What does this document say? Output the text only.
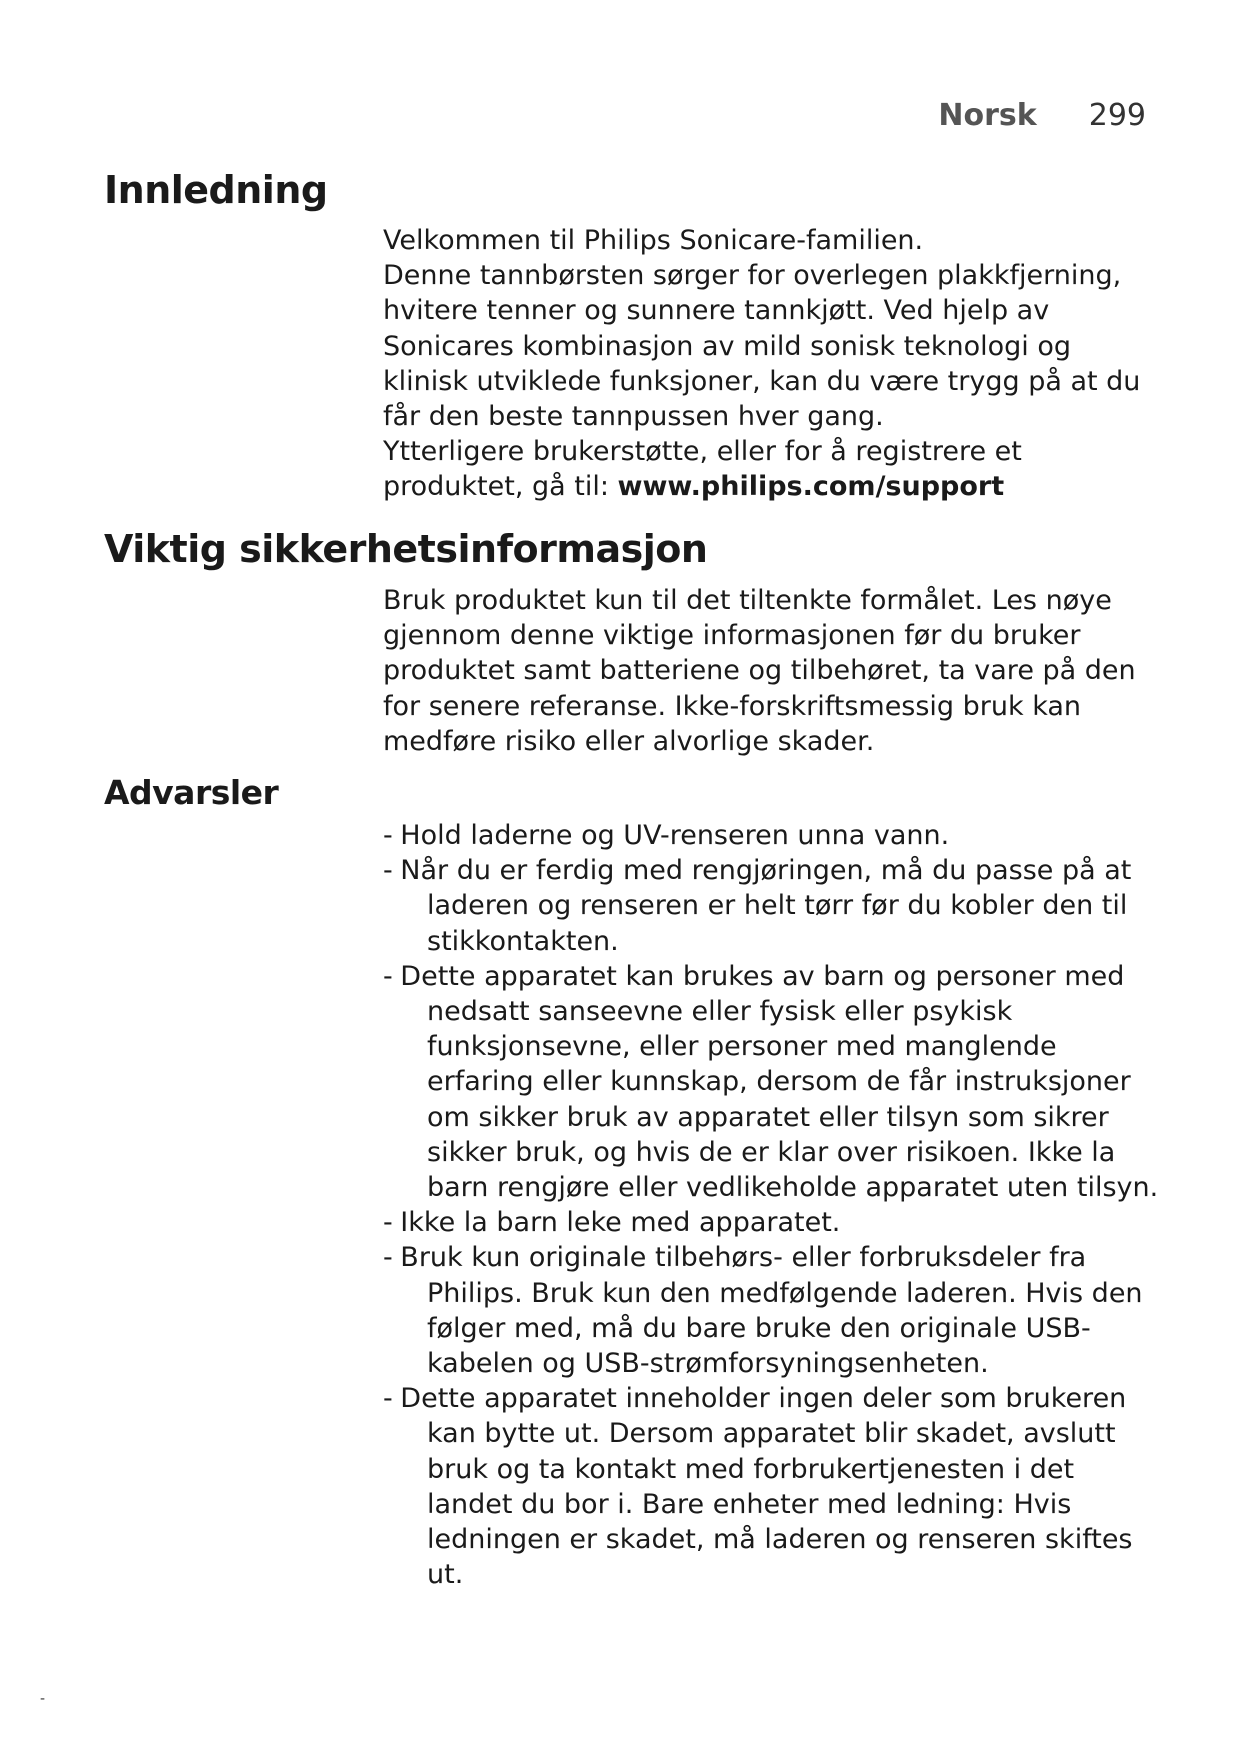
Norsk 299
Innledning

Velkommen til Philips Sonicare-familien.

Denne tannbørsten sørger for overlegen plakkfjerning, hvitere tenner og sunnere tannkjøtt. Ved hjelp av Sonicares kombinasjon av mild sonisk teknologi og klinisk utviklede funksjoner, kan du være trygg på at du får den beste tannpussen hver gang.

Ytterligere brukerstøtte, eller for å registrere et produktet, gå til: www.philips.com/support

Viktig sikkerhetsinformasjon

Bruk produktet kun til det tiltenkte formålet. Les nøye gjennom denne viktige informasjonen før du bruker produktet samt batteriene og tilbehøret, ta vare på den for senere referanse. Ikke-forskriftsmessig bruk kan medføre risiko eller alvorlige skader.

Advarsler
- Hold laderne og UV-renseren unna vann.
- Når du er ferdig med rengjøringen, må du passe på at laderen og renseren er helt tørr før du kobler den til stikkontakten.
- Dette apparatet kan brukes av barn og personer med nedsatt sanseevne eller fysisk eller psykisk funksjonsevne, eller personer med manglende erfaring eller kunnskap, dersom de får instruksjoner om sikker bruk av apparatet eller tilsyn som sikrer sikker bruk, og hvis de er klar over risikoen. Ikke la barn rengjøre eller vedlikeholde apparatet uten tilsyn.
- Ikke la barn leke med apparatet.
- Bruk kun originale tilbehørs- eller forbruksdeler fra Philips. Bruk kun den medfølgende laderen. Hvis den følger med, må du bare bruke den originale USB-kabelen og USB-strømforsyningsenheten.
- Dette apparatet inneholder ingen deler som brukeren kan bytte ut. Dersom apparatet blir skadet, avslutt bruk og ta kontakt med forbrukertjenesten i det landet du bor i. Bare enheter med ledning: Hvis ledningen er skadet, må laderen og renseren skiftes ut.
-
